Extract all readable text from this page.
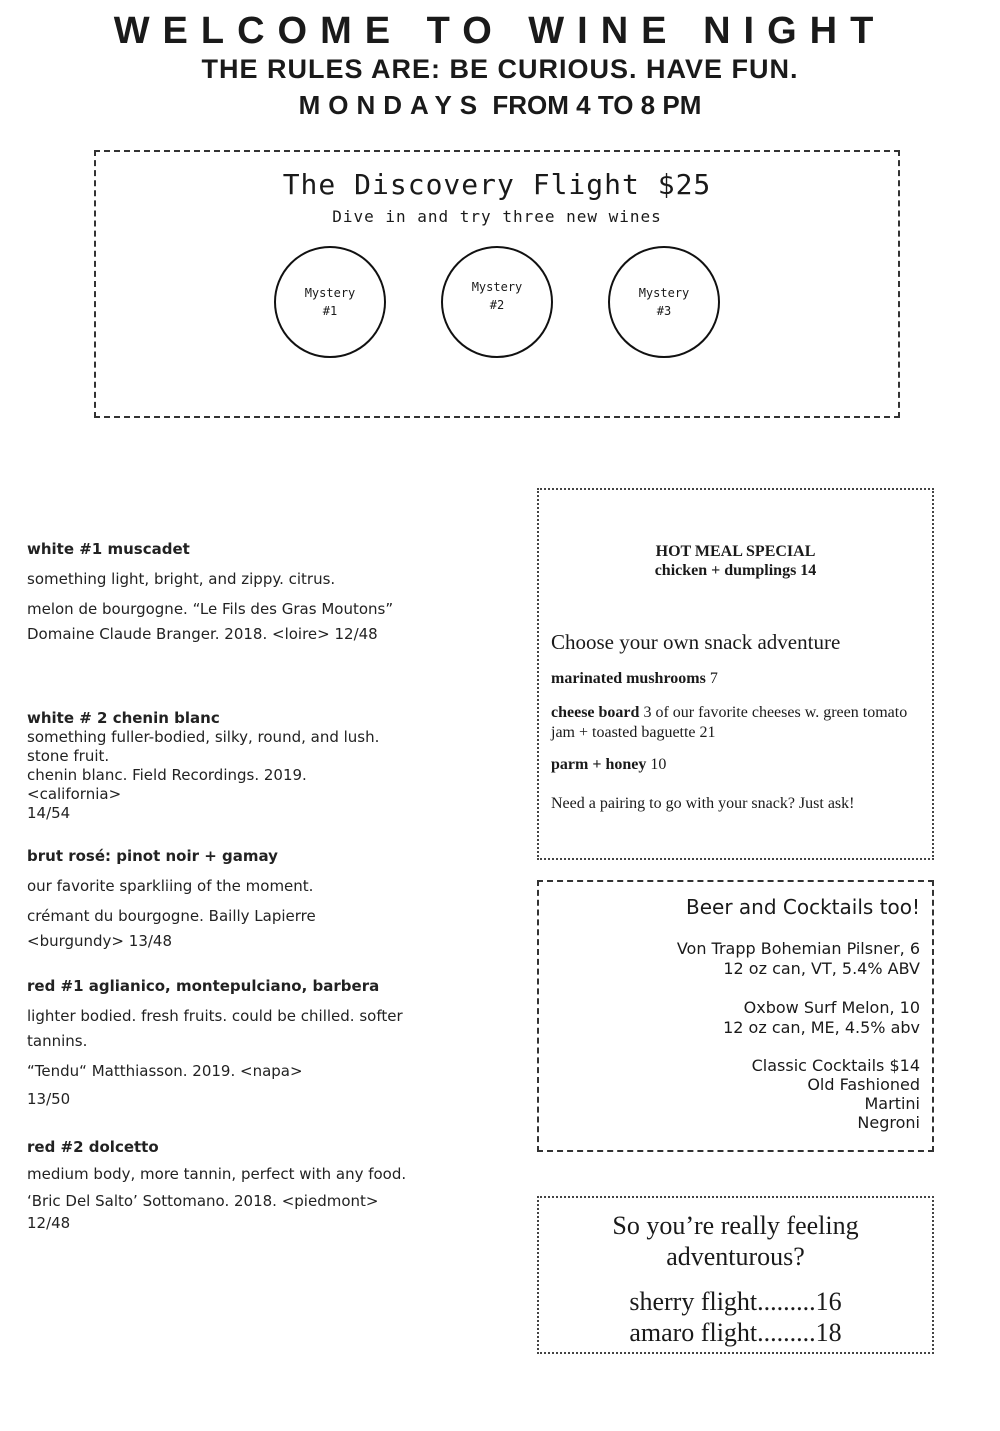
WELCOME TO WINE NIGHT
THE RULES ARE: BE CURIOUS. HAVE FUN.
MONDAYS FROM 4 TO 8 PM
The Discovery Flight $25
Dive in and try three new wines
Mystery
#1
Mystery
#2
Mystery
#3
white #1 muscadet
something light, bright, and zippy. citrus.
melon de bourgogne. “Le Fils des Gras Moutons” Domaine Claude Branger. 2018. <loire> 12/48
white # 2 chenin blanc
something fuller-bodied, silky, round, and lush. stone fruit.
chenin blanc. Field Recordings. 2019. <california>
14/54
brut rosé: pinot noir + gamay
our favorite sparkliing of the moment.
crémant du bourgogne. Bailly Lapierre <burgundy> 13/48
red #1 aglianico, montepulciano, barbera
lighter bodied. fresh fruits. could be chilled. softer tannins.
“Tendu“ Matthiasson. 2019. <napa>
13/50
red #2 dolcetto
medium body, more tannin, perfect with any food.
‘Bric Del Salto’ Sottomano. 2018. <piedmont>
12/48
HOT MEAL SPECIAL
chicken + dumplings 14
Choose your own snack adventure
marinated mushrooms 7
cheese board 3 of our favorite cheeses w. green tomato jam + toasted baguette 21
parm + honey 10
Need a pairing to go with your snack? Just ask!
Beer and Cocktails too!
Von Trapp Bohemian Pilsner, 6
12 oz can, VT, 5.4% ABV
Oxbow Surf Melon, 10
12 oz can, ME, 4.5% abv
Classic Cocktails $14
Old Fashioned
Martini
Negroni
So you’re really feeling
adventurous?
sherry flight.........16
amaro flight.........18
